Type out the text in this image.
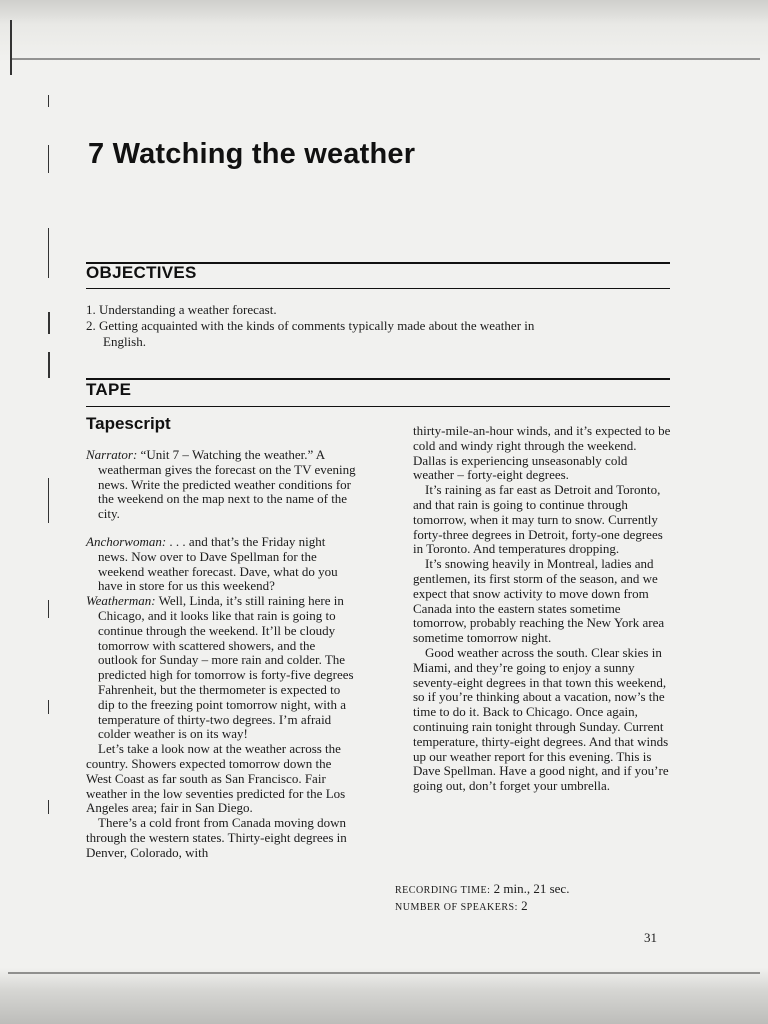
7 Watching the weather
OBJECTIVES
1. Understanding a weather forecast.
2. Getting acquainted with the kinds of comments typically made about the weather in English.
TAPE
Tapescript

Narrator: “Unit 7 – Watching the weather.” A weatherman gives the forecast on the TV evening news. Write the predicted weather conditions for the weekend on the map next to the name of the city.

Anchorwoman: . . . and that’s the Friday night news. Now over to Dave Spellman for the weekend weather forecast. Dave, what do you have in store for us this weekend?

Weatherman: Well, Linda, it’s still raining here in Chicago, and it looks like that rain is going to continue through the weekend. It’ll be cloudy tomorrow with scattered showers, and the outlook for Sunday – more rain and colder. The predicted high for tomorrow is forty-five degrees Fahrenheit, but the thermometer is expected to dip to the freezing point tomorrow night, with a temperature of thirty-two degrees. I’m afraid colder weather is on its way!

Let’s take a look now at the weather across the country. Showers expected tomorrow down the West Coast as far south as San Francisco. Fair weather in the low seventies predicted for the Los Angeles area; fair in San Diego.

There’s a cold front from Canada moving down through the western states. Thirty-eight degrees in Denver, Colorado, with

thirty-mile-an-hour winds, and it’s expected to be cold and windy right through the weekend. Dallas is experiencing unseasonably cold weather – forty-eight degrees.

It’s raining as far east as Detroit and Toronto, and that rain is going to continue through tomorrow, when it may turn to snow. Currently forty-three degrees in Detroit, forty-one degrees in Toronto. And temperatures dropping.

It’s snowing heavily in Montreal, ladies and gentlemen, its first storm of the season, and we expect that snow activity to move down from Canada into the eastern states sometime tomorrow, probably reaching the New York area sometime tomorrow night.

Good weather across the south. Clear skies in Miami, and they’re going to enjoy a sunny seventy-eight degrees in that town this weekend, so if you’re thinking about a vacation, now’s the time to do it. Back to Chicago. Once again, continuing rain tonight through Sunday. Current temperature, thirty-eight degrees. And that winds up our weather report for this evening. This is Dave Spellman. Have a good night, and if you’re going out, don’t forget your umbrella.

RECORDING TIME: 2 min., 21 sec.
NUMBER OF SPEAKERS: 2

31
